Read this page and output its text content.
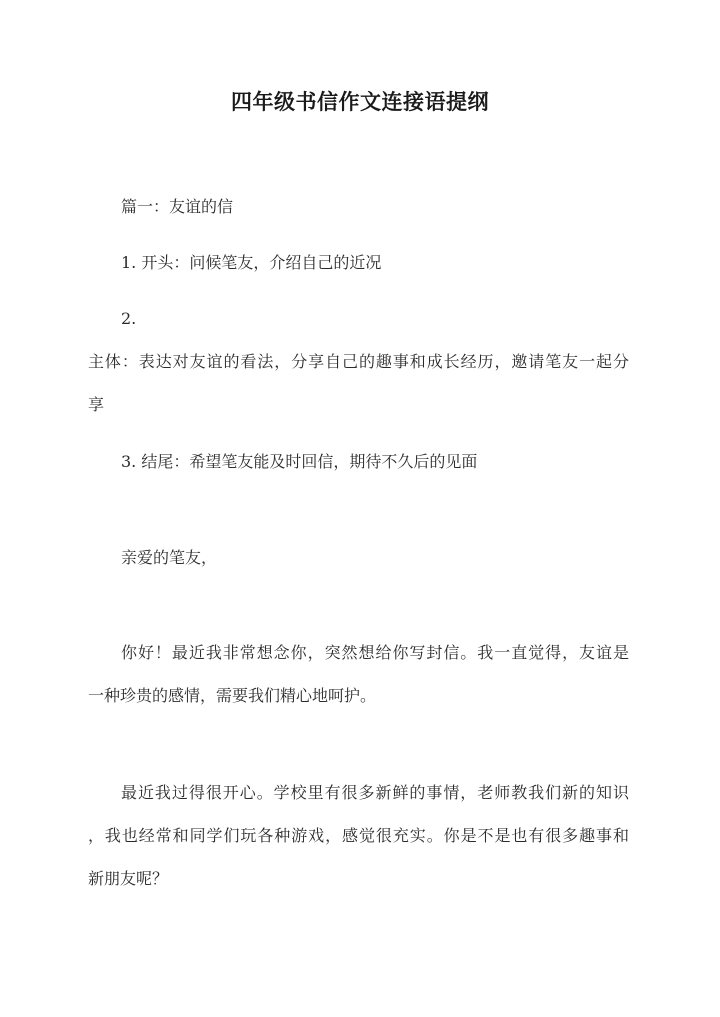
四年级书信作文连接语提纲
篇一：友谊的信
1. 开头：问候笔友，介绍自己的近况
2.
主体：表达对友谊的看法，分享自己的趣事和成长经历，邀请笔友一起分
享
3. 结尾：希望笔友能及时回信，期待不久后的见面
亲爱的笔友，
你好！最近我非常想念你，突然想给你写封信。我一直觉得，友谊是
一种珍贵的感情，需要我们精心地呵护。
最近我过得很开心。学校里有很多新鲜的事情，老师教我们新的知识
，我也经常和同学们玩各种游戏，感觉很充实。你是不是也有很多趣事和
新朋友呢？
